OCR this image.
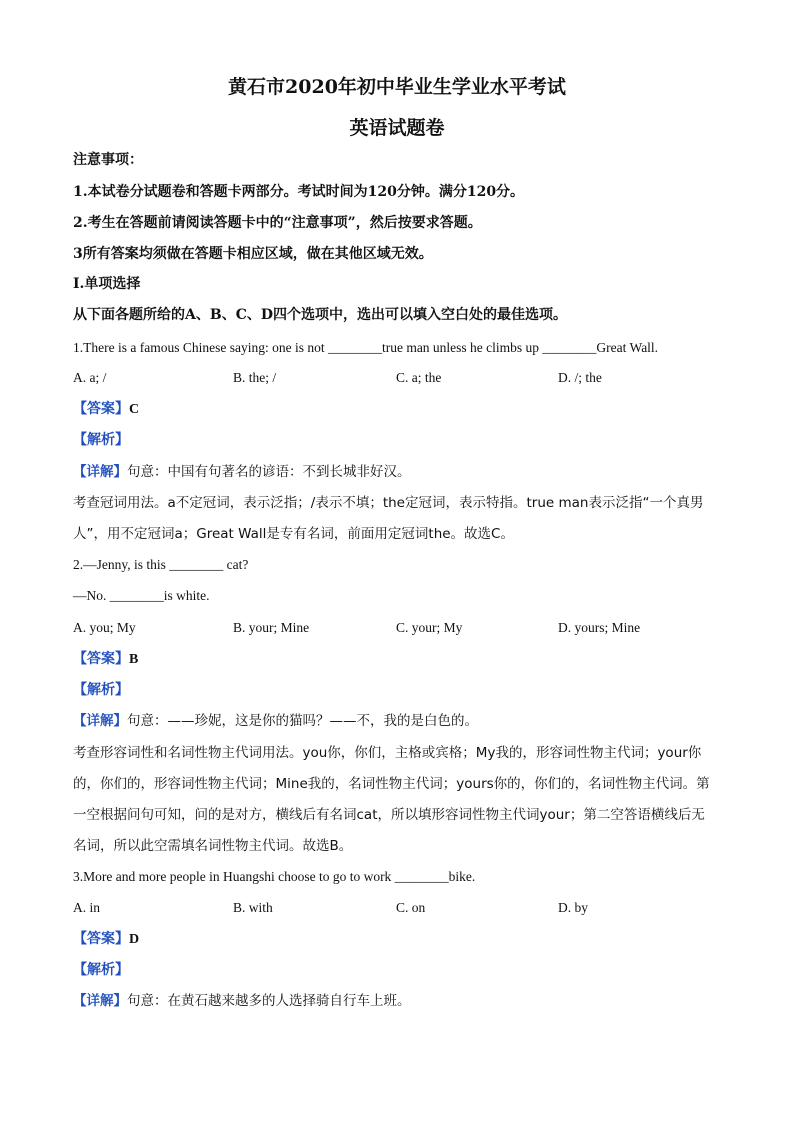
黄石市2020年初中毕业生学业水平考试
英语试题卷
注意事项：
1.本试卷分试题卷和答题卡两部分。考试时间为120分钟。满分120分。
2.考生在答题前请阅读答题卡中的“注意事项”，然后按要求答题。
3所有答案均须做在答题卡相应区域，做在其他区域无效。
I.单项选择
从下面各题所给的A、B、C、D四个选项中，选出可以填入空白处的最佳选项。
1.There is a famous Chinese saying: one is not ________true man unless he climbs up ________Great Wall.
A. a; /	B. the; /	C. a; the	D. /; the
【答案】C
【解析】
【详解】句意：中国有句著名的谚语：不到长城非好汉。
考查冠词用法。a不定冠词，表示泛指；/表示不填；the定冠词，表示特指。true man表示泛指“一个真男
人”，用不定冠词a；Great Wall是专有名词，前面用定冠词the。故选C。
2.—Jenny, is this ________ cat?
—No. ________is white.
A. you; My	B. your; Mine	C. your; My	D. yours; Mine
【答案】B
【解析】
【详解】句意：——珍妮，这是你的猫吗？——不，我的是白色的。
考查形容词性和名词性物主代词用法。you你，你们，主格或宾格；My我的，形容词性物主代词；your你
的，你们的，形容词性物主代词；Mine我的，名词性物主代词；yours你的，你们的，名词性物主代词。第
一空根据问句可知，问的是对方，横线后有名词cat，所以填形容词性物主代词your；第二空答语横线后无
名词，所以此空需填名词性物主代词。故选B。
3.More and more people in Huangshi choose to go to work ________bike.
A. in	B. with	C. on	D. by
【答案】D
【解析】
【详解】句意：在黄石越来越多的人选择骑自行车上班。
